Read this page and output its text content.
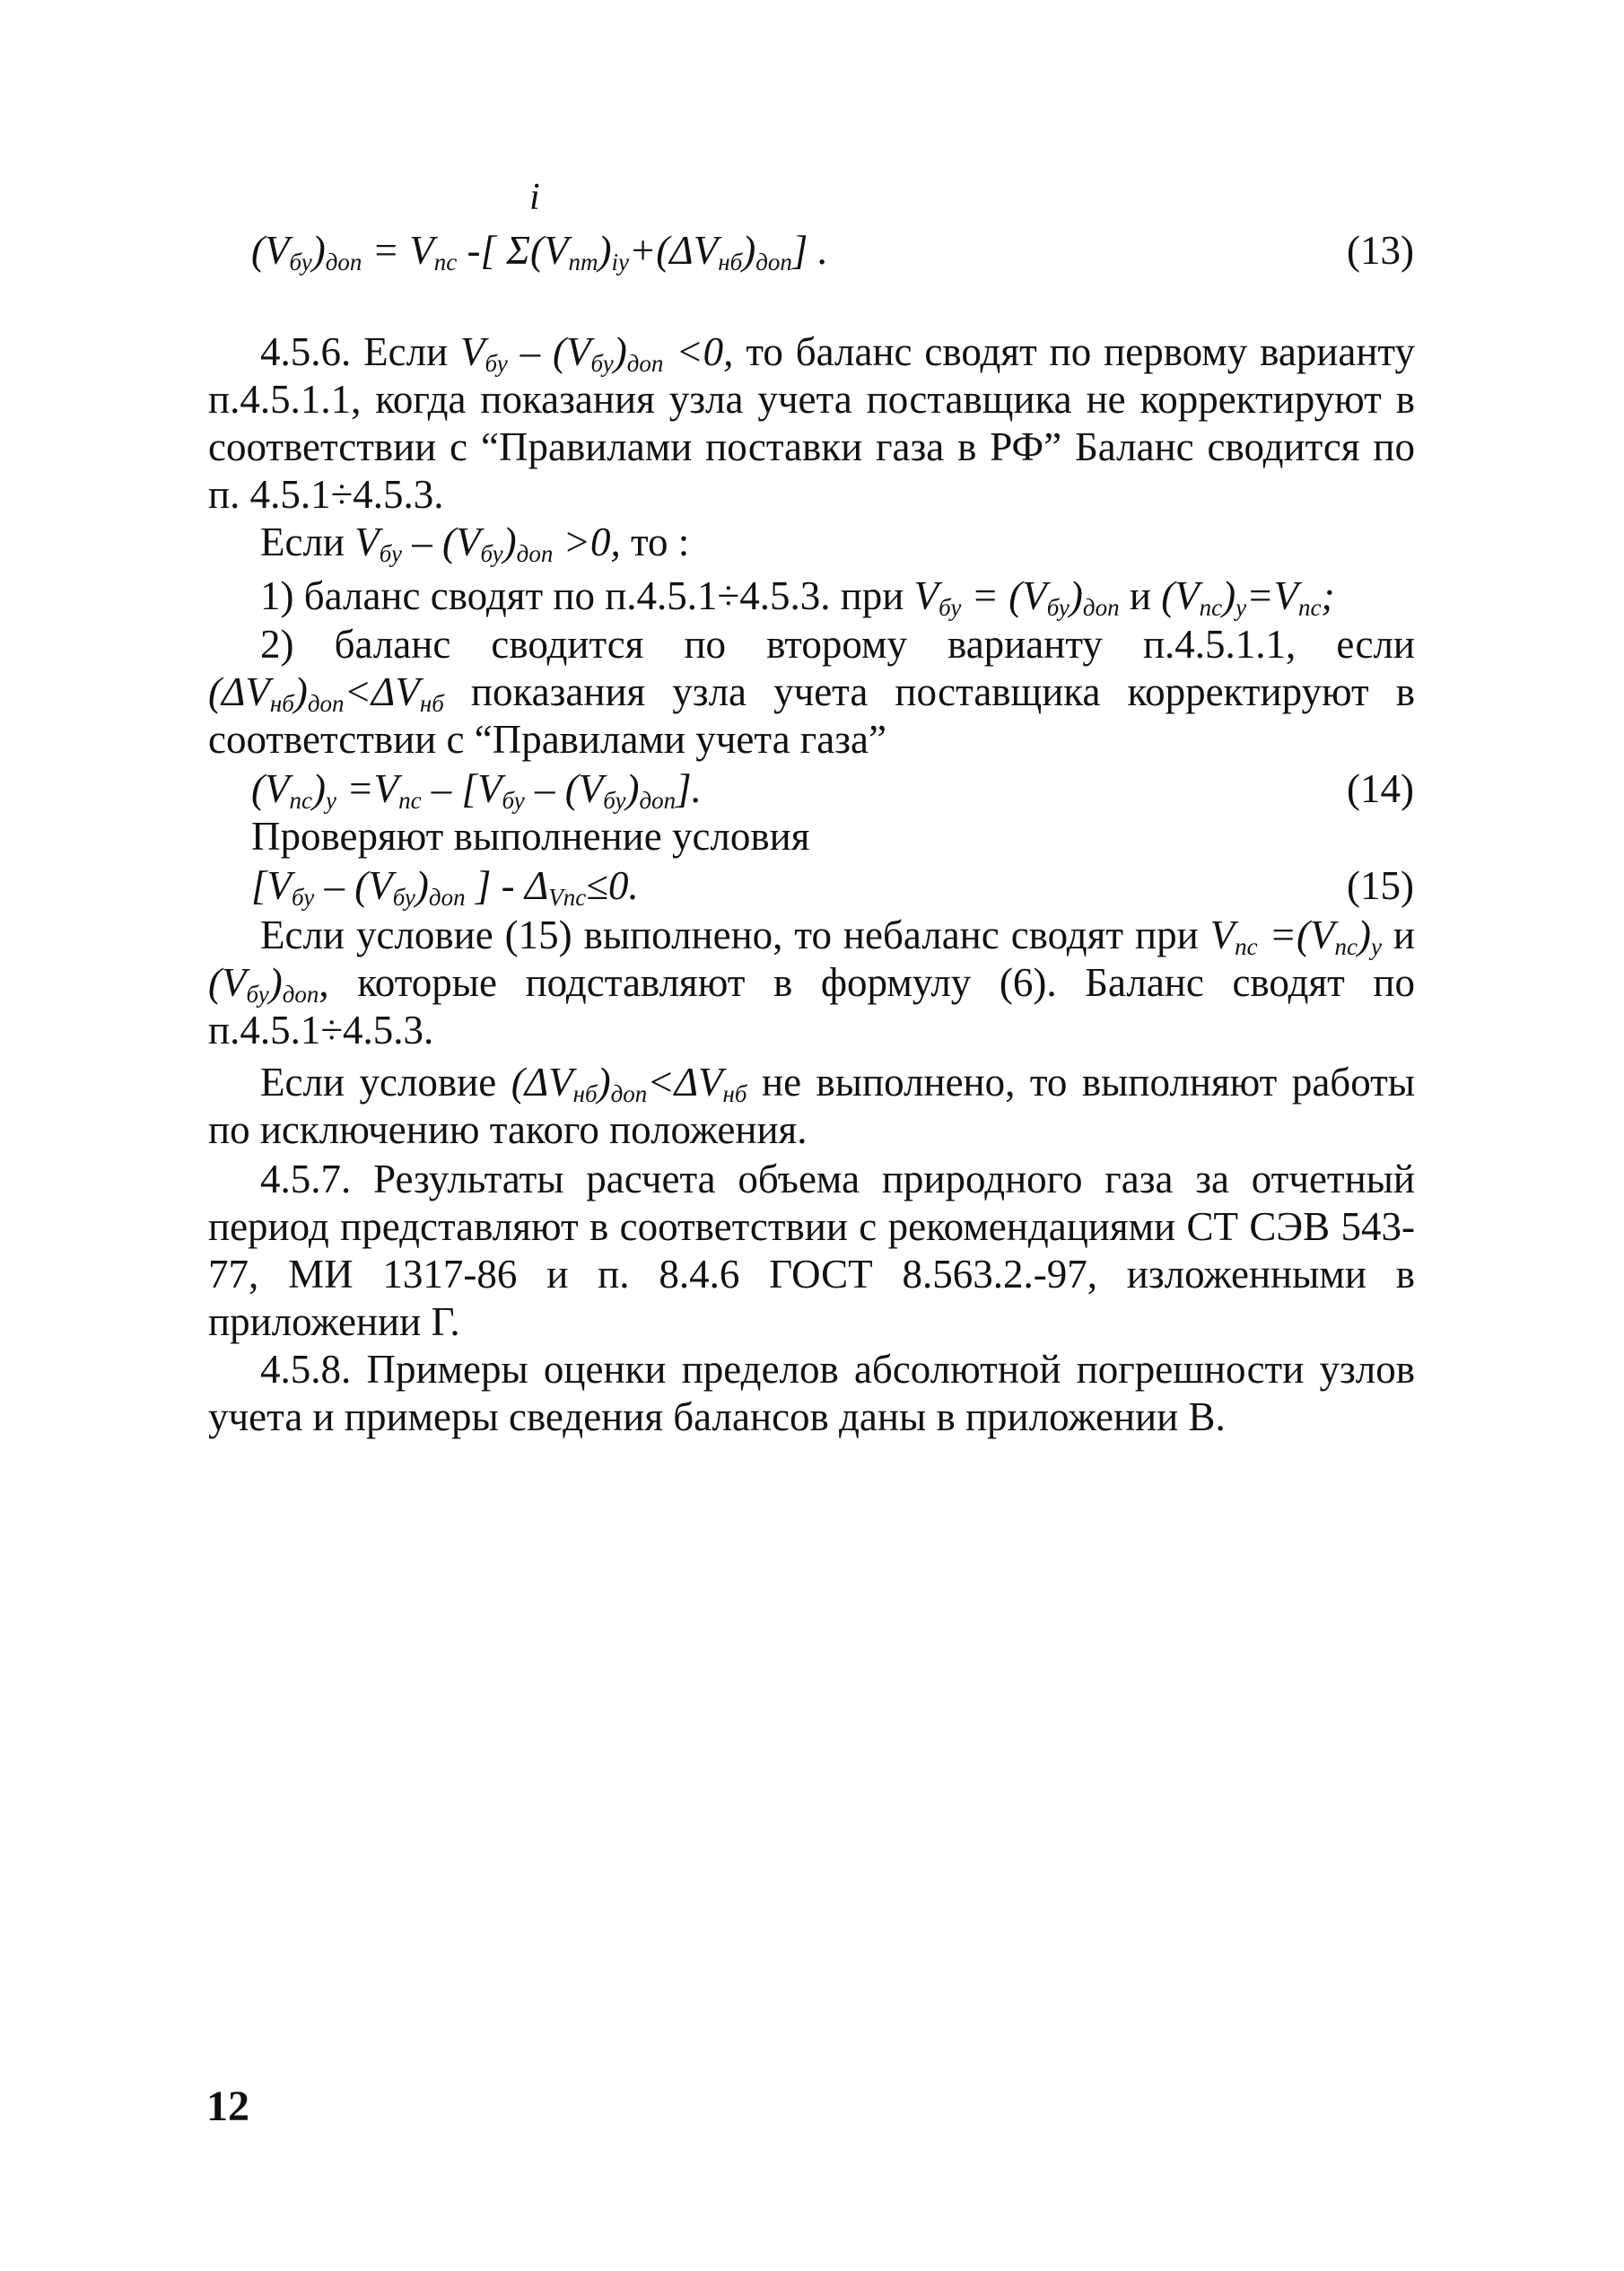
i
$(V_{бу})_{доп} = V_{пс}$ -[ $\Sigma(V_{пт})_{iу}+(\Delta V_{нб})_{доп}$] .	(13)
4.5.6. Если $V_{бу} - (V_{бу})_{доп} <0$, то баланс сводят по первому варианту п.4.5.1.1, когда показания узла учета поставщика не корректируют в соответствии с “Правилами поставки газа в РФ” Баланс сводится по п. 4.5.1÷4.5.3.
Если $V_{бу} - (V_{бу})_{доп} >0$, то :
1) баланс сводят по п.4.5.1÷4.5.3. при $V_{бу} = (V_{бу})_{доп}$ и $(V_{пс})_у=V_{пс}$;
2) баланс сводится по второму варианту п.4.5.1.1, если $(\Delta V_{нб})_{доп}<\Delta V_{нб}$ показания узла учета поставщика корректируют в соответствии с “Правилами учета газа”
$(V_{пс})_у =V_{пс} - [V_{бу} - (V_{бу})_{доп}]$.	(14)
Проверяют выполнение условия
[$V_{бу} - (V_{бу})_{доп}$ ] - $\Delta_{Vпс}\le 0$.	(15)
Если условие (15) выполнено, то небаланс сводят при $V_{пс} =(V_{пс})_у$ и $(V_{бу})_{доп}$, которые подставляют в формулу (6). Баланс сводят по п.4.5.1÷4.5.3.
Если условие $(\Delta V_{нб})_{доп}<\Delta V_{нб}$ не выполнено, то выполняют работы по исключению такого положения.
4.5.7. Результаты расчета объема природного газа за отчетный период представляют в соответствии с рекомендациями СТ СЭВ 543-77, МИ 1317-86 и п. 8.4.6 ГОСТ 8.563.2.-97, изложенными в приложении Г.
4.5.8. Примеры оценки пределов абсолютной погрешности узлов учета и примеры сведения балансов даны в приложении В.
12
